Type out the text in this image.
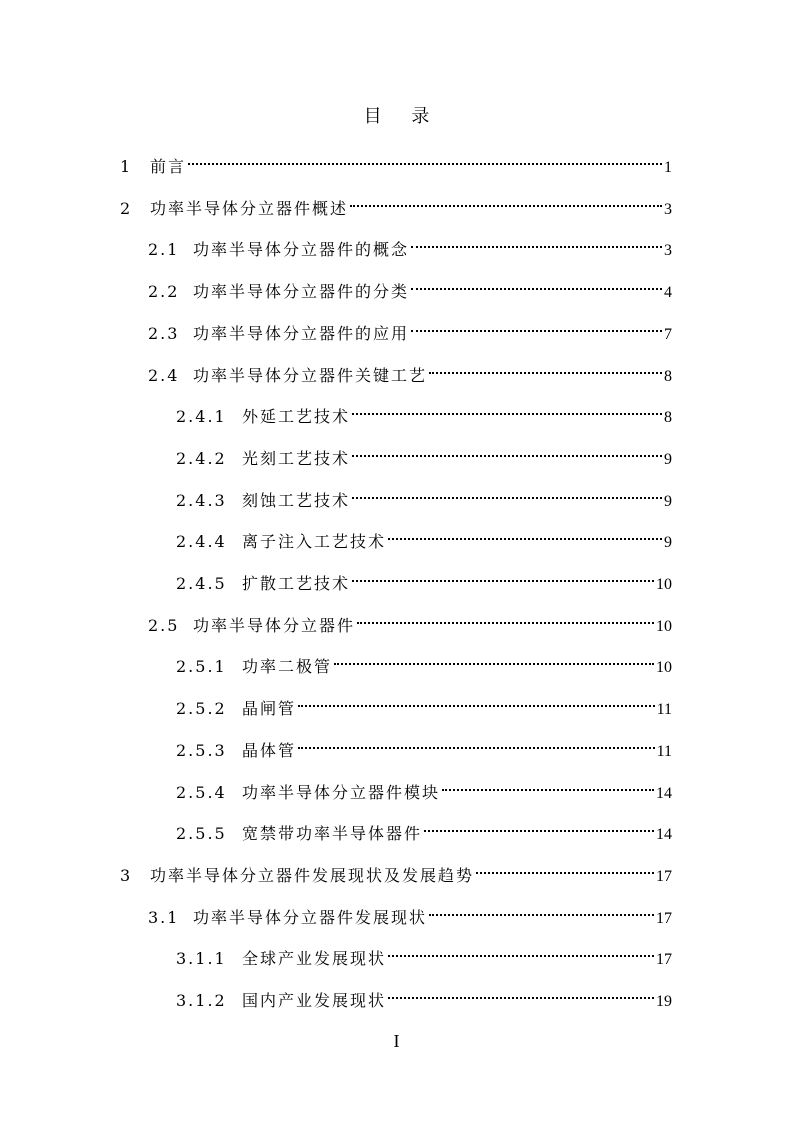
目 录
1	前言	1
2	功率半导体分立器件概述	3
2.1 功率半导体分立器件的概念	3
2.2 功率半导体分立器件的分类	4
2.3 功率半导体分立器件的应用	7
2.4 功率半导体分立器件关键工艺	8
2.4.1 外延工艺技术	8
2.4.2 光刻工艺技术	9
2.4.3 刻蚀工艺技术	9
2.4.4 离子注入工艺技术	9
2.4.5 扩散工艺技术	10
2.5 功率半导体分立器件	10
2.5.1 功率二极管	10
2.5.2 晶闸管	11
2.5.3 晶体管	11
2.5.4 功率半导体分立器件模块	14
2.5.5 宽禁带功率半导体器件	14
3	功率半导体分立器件发展现状及发展趋势	17
3.1 功率半导体分立器件发展现状	17
3.1.1 全球产业发展现状	17
3.1.2 国内产业发展现状	19
I
